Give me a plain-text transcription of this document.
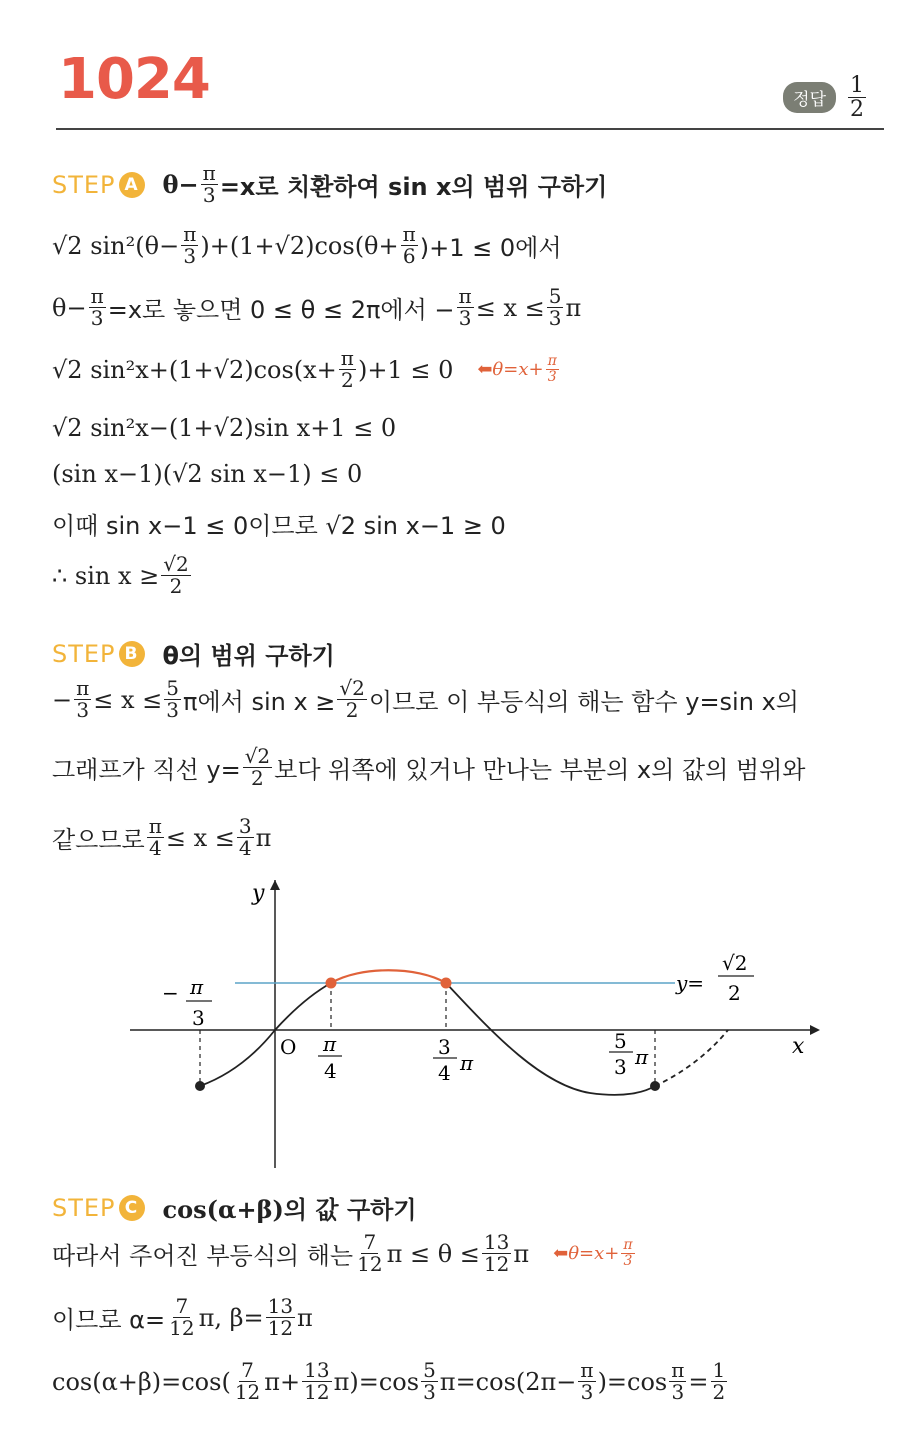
1024	정답	$\frac{1}{2}$
STEP A $\theta- \frac{\pi}{3} =x$로 치환하여 sin x의 범위 구하기
√2 $\sin^2(\theta- \frac{\pi}{3} )+(1+√2)\cos(\theta+ \frac{\pi}{6} )+1 \le 0$에서
$\theta- \frac{\pi}{3} =x$로 놓으면 0 ≤ θ ≤ 2π에서 − $\frac{\pi}{3} \le x \le \frac{5}{3}$ π
√2 $\sin^2x+(1+√2)\cos(x+ \frac{\pi}{2} )+1 \le 0$ ⬅θ=x+ $\frac{\pi}{3}$
√2 sin²x−(1+√2)sin x+1 ≤ 0
(sin x−1)(√2 sin x−1) ≤ 0
이때 sin x−1 ≤ 0이므로 √2 sin x−1 ≥ 0
∴ $\sin x \ge \frac{√2}{2}$
STEP B θ의 범위 구하기
− $\frac{\pi}{3} \le x \le \frac{5}{3}$ π에서 $\sin x \ge \frac{√2}{2}$ 이므로 이 부등식의 해는 함수 y=sin x의
그래프가 직선 $y= \frac{√2}{2}$ 보다 위쪽에 있거나 만나는 부분의 x의 값의 범위와
같으므로 $\frac{\pi}{4} \le x \le \frac{3}{4}$ π
y
x
O
− π
3
π
4
3
4 π
5
3 π
y=
√2
2
STEP C cos(α+β)의 값 구하기
따라서 주어진 부등식의 해는 $\frac{7}{12}$ $\pi \le \theta \le \frac{13}{12}$ π ⬅θ=x+ $\frac{\pi}{3}$
이므로 $\alpha= \frac{7}{12} \pi$, $\beta= \frac{13}{12}$ π
$\cos(\alpha+\beta)=\cos( \frac{7}{12} \pi+ \frac{13}{12} \pi)=\cos \frac{5}{3} \pi=\cos(2\pi- \frac{\pi}{3} )=\cos \frac{\pi}{3} = \frac{1}{2}$
